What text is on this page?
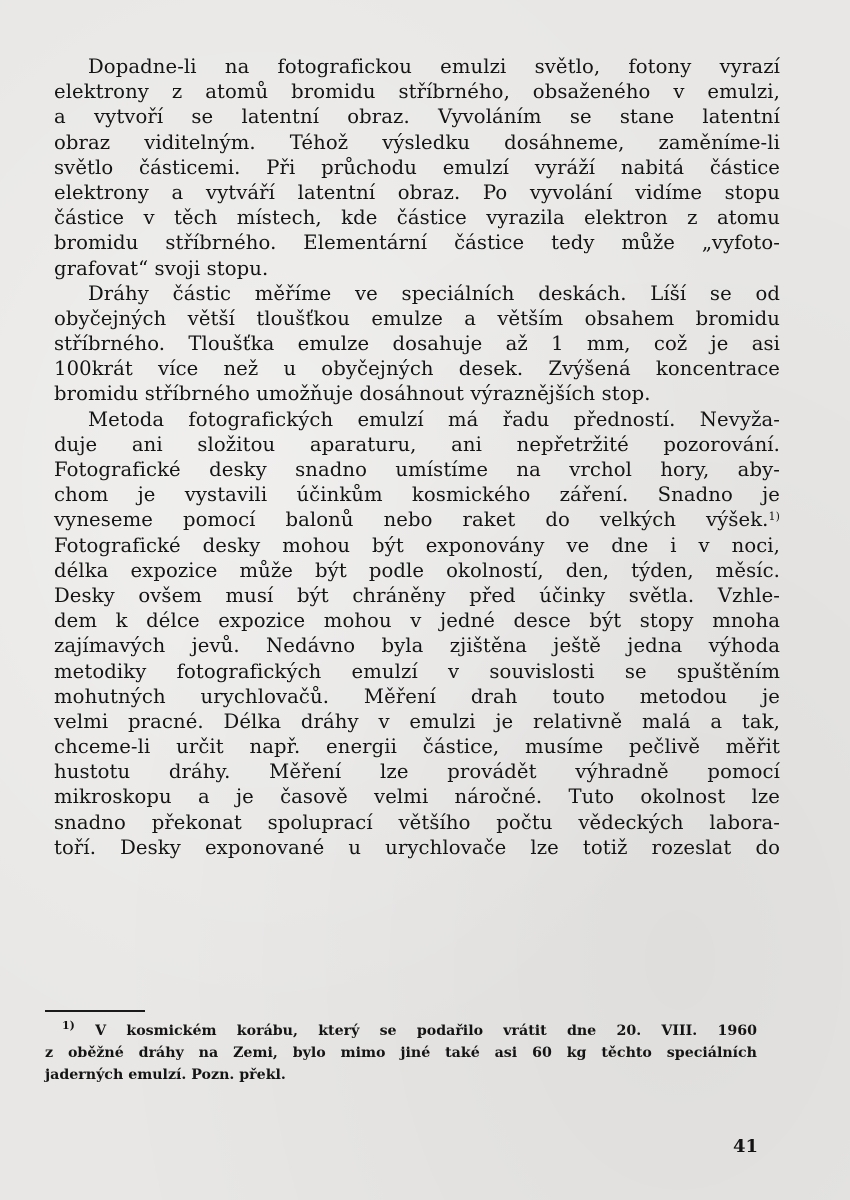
Dopadne-li na fotografickou emulzi světlo, fotony vyrazí
elektrony z atomů bromidu stříbrného, obsaženého v emulzi,
a vytvoří se latentní obraz. Vyvoláním se stane latentní
obraz viditelným. Téhož výsledku dosáhneme, zaměníme-li
světlo částicemi. Při průchodu emulzí vyráží nabitá částice
elektrony a vytváří latentní obraz. Po vyvolání vidíme stopu
částice v těch místech, kde částice vyrazila elektron z atomu
bromidu stříbrného. Elementární částice tedy může „vyfoto-
grafovat“ svoji stopu.
Dráhy částic měříme ve speciálních deskách. Líší se od
obyčejných větší tloušťkou emulze a větším obsahem bromidu
stříbrného. Tloušťka emulze dosahuje až 1 mm, což je asi
100krát více než u obyčejných desek. Zvýšená koncentrace
bromidu stříbrného umožňuje dosáhnout výraznějších stop.
Metoda fotografických emulzí má řadu předností. Nevyža-
duje ani složitou aparaturu, ani nepřetržité pozorování.
Fotografické desky snadno umístíme na vrchol hory, aby-
chom je vystavili účinkům kosmického záření. Snadno je
vyneseme pomocí balonů nebo raket do velkých výšek.$^{1)}$
Fotografické desky mohou být exponovány ve dne i v noci,
délka expozice může být podle okolností, den, týden, měsíc.
Desky ovšem musí být chráněny před účinky světla. Vzhle-
dem k délce expozice mohou v jedné desce být stopy mnoha
zajímavých jevů. Nedávno byla zjištěna ještě jedna výhoda
metodiky fotografických emulzí v souvislosti se spuštěním
mohutných urychlovačů. Měření drah touto metodou je
velmi pracné. Délka dráhy v emulzi je relativně malá a tak,
chceme-li určit např. energii částice, musíme pečlivě měřit
hustotu dráhy. Měření lze provádět výhradně pomocí
mikroskopu a je časově velmi náročné. Tuto okolnost lze
snadno překonat spoluprací většího počtu vědeckých labora-
toří. Desky exponované u urychlovače lze totiž rozeslat do
$^{1)}$ V kosmickém korábu, který se podařilo vrátit dne 20. VIII. 1960
z oběžné dráhy na Zemi, bylo mimo jiné také asi 60 kg těchto speciálních
jaderných emulzí. Pozn. překl.
41
